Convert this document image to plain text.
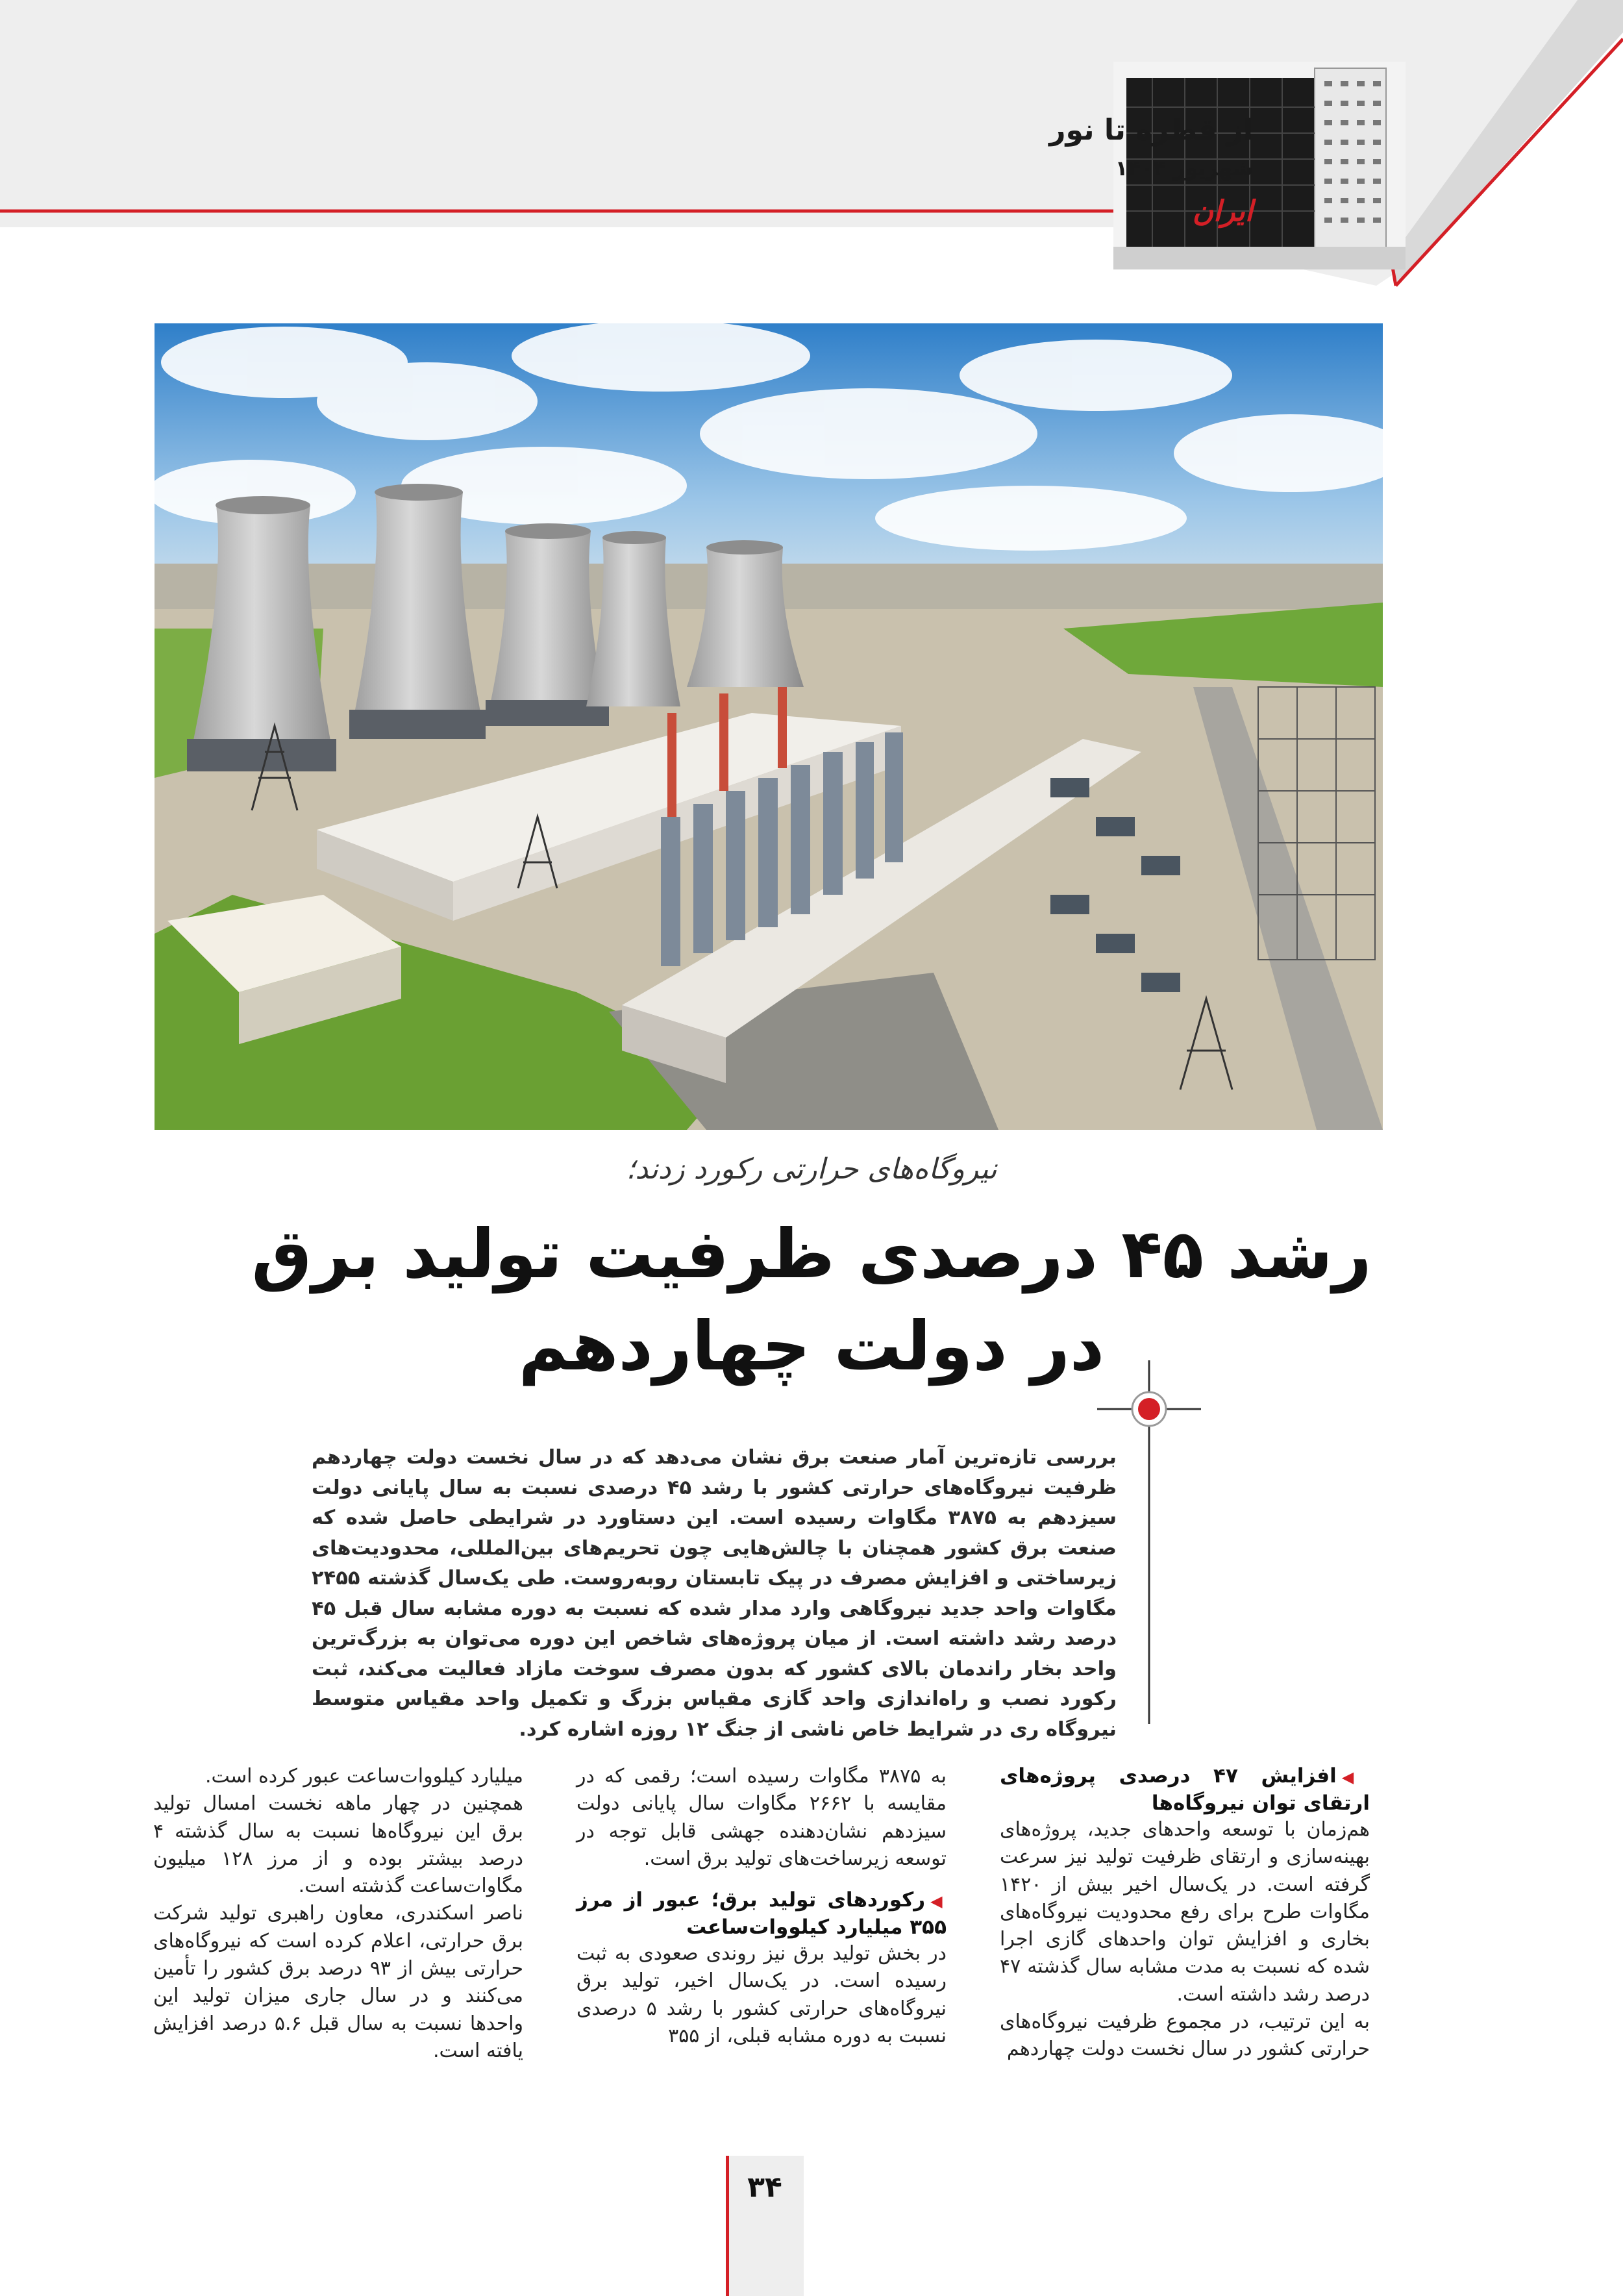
از قطره تا نور
شهریور ۱۴۰۴
ایران
نیروگاه‌های حرارتی رکورد زدند؛
رشد ۴۵ درصدی ظرفیت تولید برق
در دولت چهاردهم
بررسی تازه‌ترین آمار صنعت برق نشان می‌دهد که در سال نخست دولت چهاردهم ظرفیت نیروگاه‌های حرارتی کشور با رشد ۴۵ درصدی نسبت به سال پایانی دولت سیزدهم به ۳۸۷۵ مگاوات رسیده است. این دستاورد در شرایطی حاصل شده که صنعت برق کشور همچنان با چالش‌هایی چون تحریم‌های بین‌المللی، محدودیت‌های زیرساختی و افزایش مصرف در پیک تابستان روبه‌روست. طی یک‌سال گذشته ۲۴۵۵ مگاوات واحد جدید نیروگاهی وارد مدار شده که نسبت به دوره مشابه سال قبل ۴۵ درصد رشد داشته است. از میان پروژه‌های شاخص این دوره می‌توان به بزرگ‌ترین واحد بخار راندمان بالای کشور که بدون مصرف سوخت مازاد فعالیت می‌کند، ثبت رکورد نصب و راه‌اندازی واحد گازی مقیاس بزرگ و تکمیل واحد مقیاس متوسط نیروگاه ری در شرایط خاص ناشی از جنگ ۱۲ روزه اشاره کرد.
◀افزایش ۴۷ درصدی پروژه‌های ارتقای توان نیروگاه‌ها

هم‌زمان با توسعه واحدهای جدید، پروژه‌های بهینه‌سازی و ارتقای ظرفیت تولید نیز سرعت گرفته است. در یک‌سال اخیر بیش از ۱۴۲۰ مگاوات طرح برای رفع محدودیت نیروگاه‌های بخاری و افزایش توان واحدهای گازی اجرا شده که نسبت به مدت مشابه سال گذشته ۴۷ درصد رشد داشته است.

به این ترتیب، در مجموع ظرفیت نیروگاه‌های حرارتی کشور در سال نخست دولت چهاردهم

به ۳۸۷۵ مگاوات رسیده است؛ رقمی که در مقایسه با ۲۶۶۲ مگاوات سال پایانی دولت سیزدهم نشان‌دهنده جهشی قابل توجه در توسعه زیرساخت‌های تولید برق است.

◀رکوردهای تولید برق؛ عبور از مرز ۳۵۵ میلیارد کیلووات‌ساعت

در بخش تولید برق نیز روندی صعودی به ثبت رسیده است. در یک‌سال اخیر، تولید برق نیروگاه‌های حرارتی کشور با رشد ۵ درصدی نسبت به دوره مشابه قبلی، از ۳۵۵

میلیارد کیلووات‌ساعت عبور کرده است.

همچنین در چهار ماهه نخست امسال تولید برق این نیروگاه‌ها نسبت به سال گذشته ۴ درصد بیشتر بوده و از مرز ۱۲۸ میلیون مگاوات‌ساعت گذشته است.

ناصر اسکندری، معاون راهبری تولید شرکت برق حرارتی، اعلام کرده است که نیروگاه‌های حرارتی بیش از ۹۳ درصد برق کشور را تأمین می‌کنند و در سال جاری میزان تولید این واحدها نسبت به سال قبل ۵.۶ درصد افزایش یافته است.

۳۴
